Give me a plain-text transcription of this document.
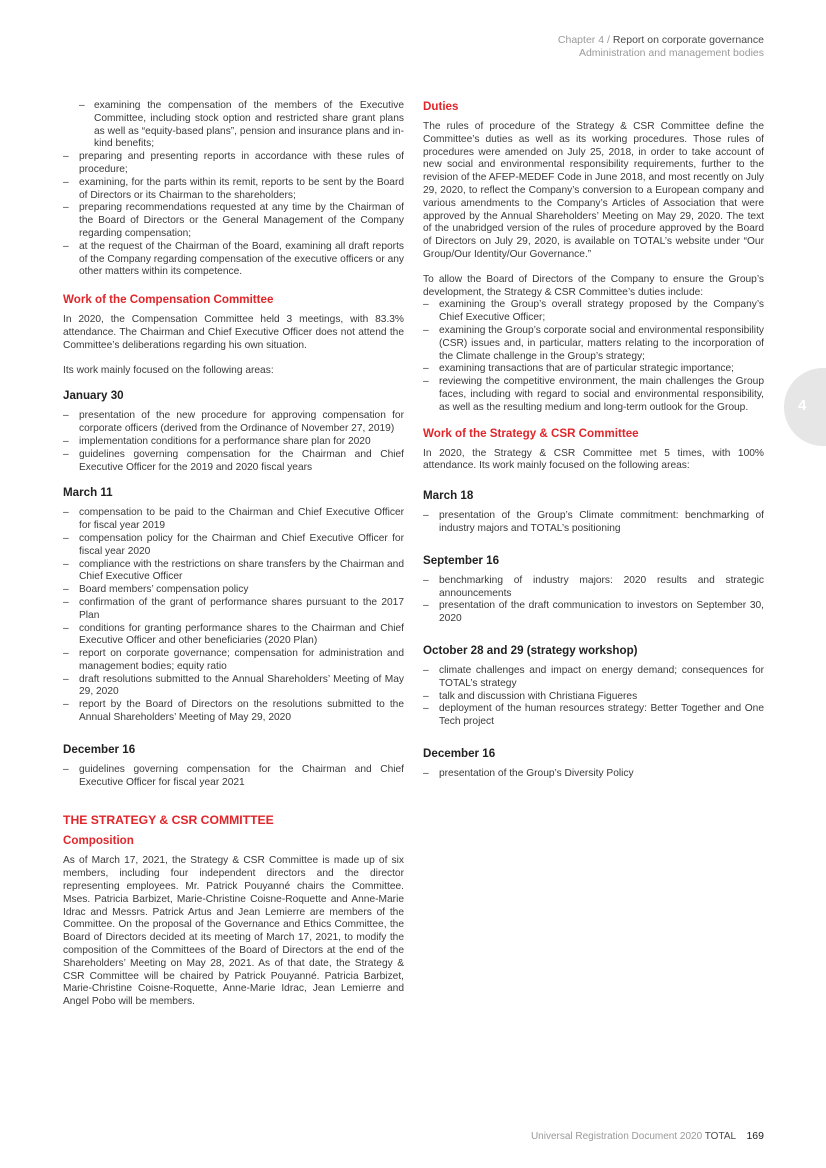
Chapter 4 / Report on corporate governance
Administration and management bodies
4
– examining the compensation of the members of the Executive Committee, including stock option and restricted share grant plans as well as “equity-based plans”, pension and insurance plans and in-kind benefits;
– preparing and presenting reports in accordance with these rules of procedure;
– examining, for the parts within its remit, reports to be sent by the Board of Directors or its Chairman to the shareholders;
– preparing recommendations requested at any time by the Chairman of the Board of Directors or the General Management of the Company regarding compensation;
– at the request of the Chairman of the Board, examining all draft reports of the Company regarding compensation of the executive officers or any other matters within its competence.
Work of the Compensation Committee
In 2020, the Compensation Committee held 3 meetings, with 83.3% attendance. The Chairman and Chief Executive Officer does not attend the Committee’s deliberations regarding his own situation.
Its work mainly focused on the following areas:
January 30
– presentation of the new procedure for approving compensation for corporate officers (derived from the Ordinance of November 27, 2019)
– implementation conditions for a performance share plan for 2020
– guidelines governing compensation for the Chairman and Chief Executive Officer for the 2019 and 2020 fiscal years
March 11
– compensation to be paid to the Chairman and Chief Executive Officer for fiscal year 2019
– compensation policy for the Chairman and Chief Executive Officer for fiscal year 2020
– compliance with the restrictions on share transfers by the Chairman and Chief Executive Officer
– Board members’ compensation policy
– confirmation of the grant of performance shares pursuant to the 2017 Plan
– conditions for granting performance shares to the Chairman and Chief Executive Officer and other beneficiaries (2020 Plan)
– report on corporate governance; compensation for administration and management bodies; equity ratio
– draft resolutions submitted to the Annual Shareholders’ Meeting of May 29, 2020
– report by the Board of Directors on the resolutions submitted to the Annual Shareholders’ Meeting of May 29, 2020
December 16
– guidelines governing compensation for the Chairman and Chief Executive Officer for fiscal year 2021
THE STRATEGY & CSR COMMITTEE
Composition
As of March 17, 2021, the Strategy & CSR Committee is made up of six members, including four independent directors and the director representing employees. Mr. Patrick Pouyanné chairs the Committee. Mses. Patricia Barbizet, Marie-Christine Coisne-Roquette and Anne-Marie Idrac and Messrs. Patrick Artus and Jean Lemierre are members of the Committee. On the proposal of the Governance and Ethics Committee, the Board of Directors decided at its meeting of March 17, 2021, to modify the composition of the Committees of the Board of Directors at the end of the Shareholders’ Meeting on May 28, 2021. As of that date, the Strategy & CSR Committee will be chaired by Patrick Pouyanné. Patricia Barbizet, Marie-Christine Coisne-Roquette, Anne-Marie Idrac, Jean Lemierre and Angel Pobo will be members.
Duties
The rules of procedure of the Strategy & CSR Committee define the Committee’s duties as well as its working procedures. Those rules of procedures were amended on July 25, 2018, in order to take account of new social and environmental responsibility requirements, further to the revision of the AFEP-MEDEF Code in June 2018, and most recently on July 29, 2020, to reflect the Company’s conversion to a European company and various amendments to the Company’s Articles of Association that were approved by the Annual Shareholders’ Meeting on May 29, 2020. The text of the unabridged version of the rules of procedure approved by the Board of Directors on July 29, 2020, is available on TOTAL’s website under “Our Group/Our Identity/Our Governance.”
To allow the Board of Directors of the Company to ensure the Group’s development, the Strategy & CSR Committee’s duties include:
– examining the Group’s overall strategy proposed by the Company’s Chief Executive Officer;
– examining the Group’s corporate social and environmental responsibility (CSR) issues and, in particular, matters relating to the incorporation of the Climate challenge in the Group’s strategy;
– examining transactions that are of particular strategic importance;
– reviewing the competitive environment, the main challenges the Group faces, including with regard to social and environmental responsibility, as well as the resulting medium and long-term outlook for the Group.
Work of the Strategy & CSR Committee
In 2020, the Strategy & CSR Committee met 5 times, with 100% attendance. Its work mainly focused on the following areas:
March 18
– presentation of the Group’s Climate commitment: benchmarking of industry majors and TOTAL’s positioning
September 16
– benchmarking of industry majors: 2020 results and strategic announcements
– presentation of the draft communication to investors on September 30, 2020
October 28 and 29 (strategy workshop)
– climate challenges and impact on energy demand; consequences for TOTAL’s strategy
– talk and discussion with Christiana Figueres
– deployment of the human resources strategy: Better Together and One Tech project
December 16
– presentation of the Group’s Diversity Policy
Universal Registration Document 2020 TOTAL 169
